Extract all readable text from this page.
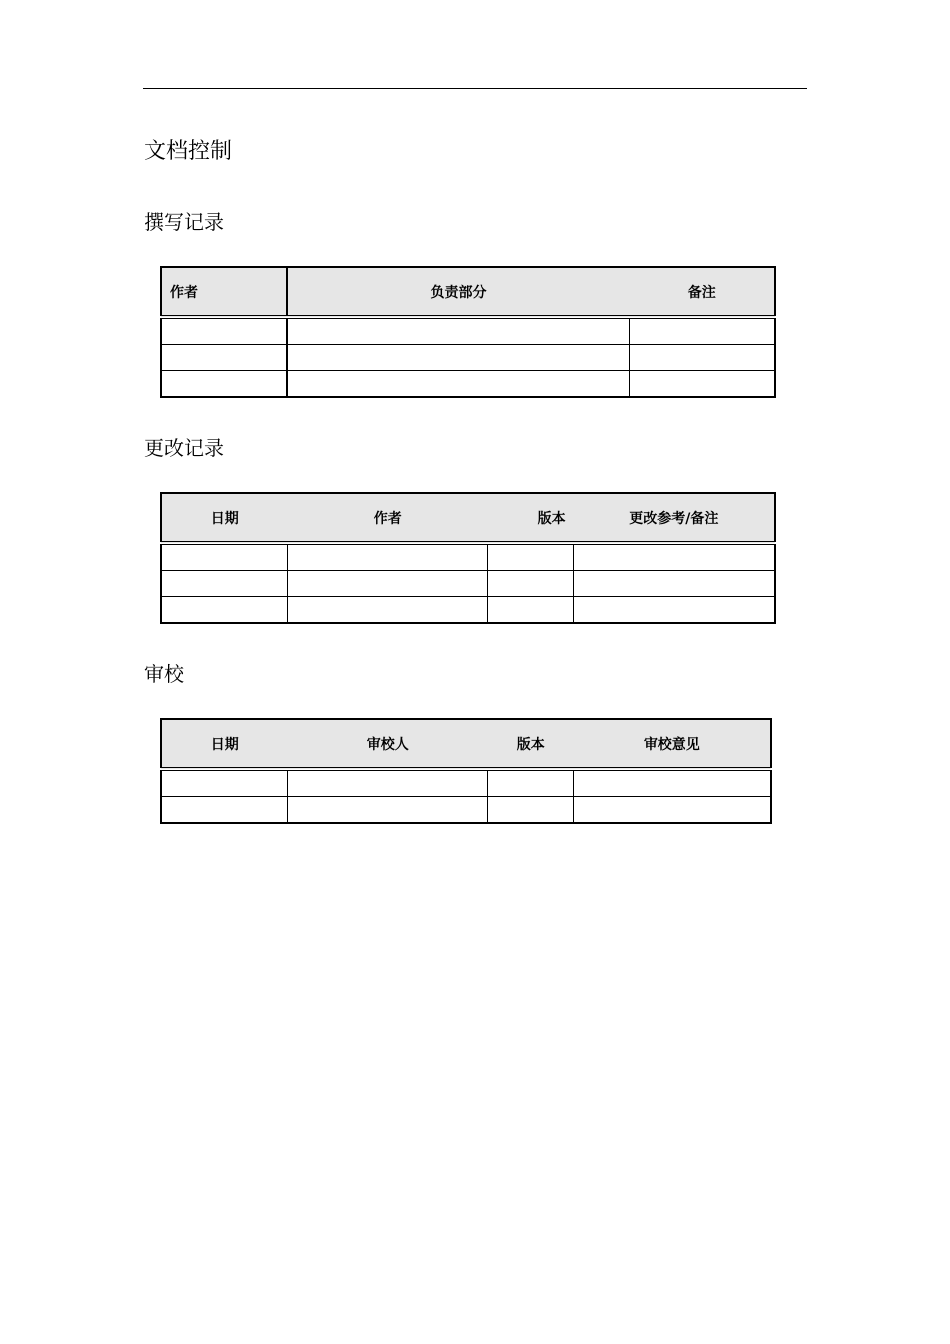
文档控制
撰写记录
作者	负责部分	备注

更改记录
日期	作者	版本	更改参考/备注

审校
日期	审校人	版本	审校意见
